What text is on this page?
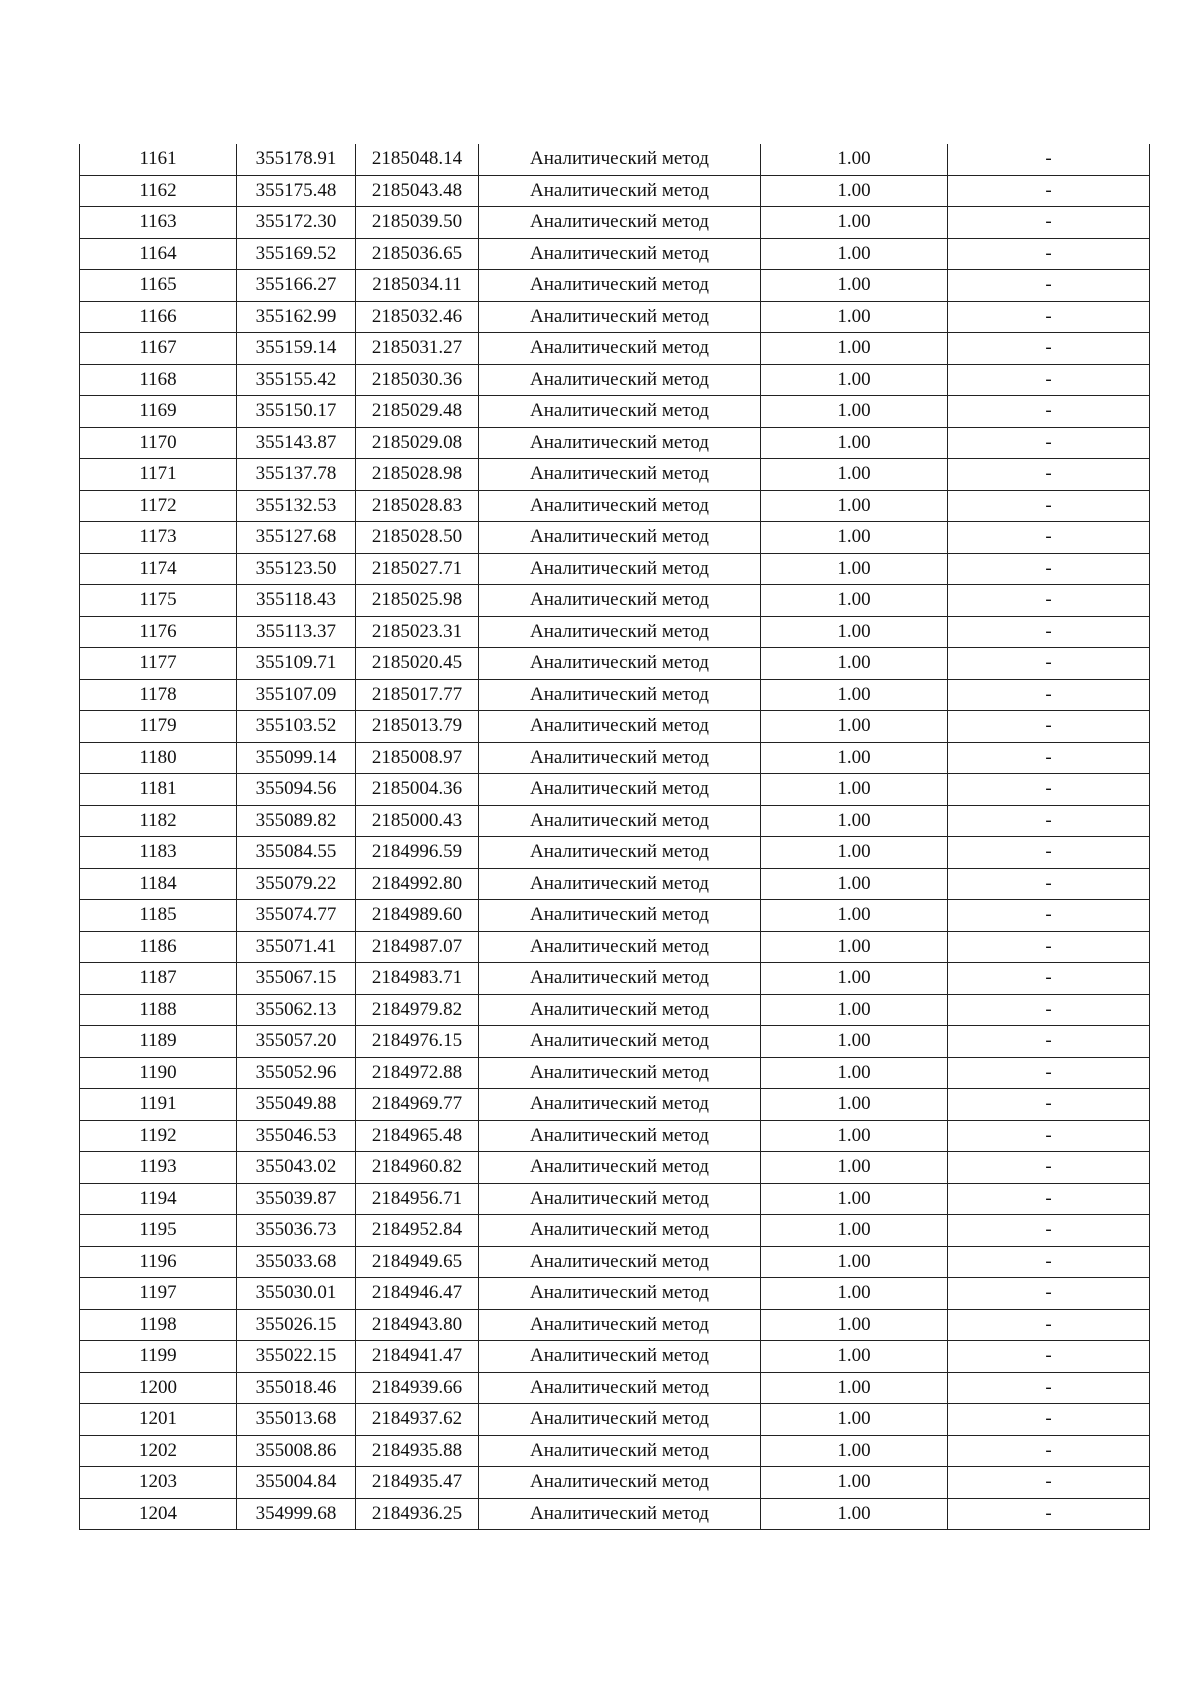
1161	355178.91	2185048.14	Аналитический метод	1.00	-
1162	355175.48	2185043.48	Аналитический метод	1.00	-
1163	355172.30	2185039.50	Аналитический метод	1.00	-
1164	355169.52	2185036.65	Аналитический метод	1.00	-
1165	355166.27	2185034.11	Аналитический метод	1.00	-
1166	355162.99	2185032.46	Аналитический метод	1.00	-
1167	355159.14	2185031.27	Аналитический метод	1.00	-
1168	355155.42	2185030.36	Аналитический метод	1.00	-
1169	355150.17	2185029.48	Аналитический метод	1.00	-
1170	355143.87	2185029.08	Аналитический метод	1.00	-
1171	355137.78	2185028.98	Аналитический метод	1.00	-
1172	355132.53	2185028.83	Аналитический метод	1.00	-
1173	355127.68	2185028.50	Аналитический метод	1.00	-
1174	355123.50	2185027.71	Аналитический метод	1.00	-
1175	355118.43	2185025.98	Аналитический метод	1.00	-
1176	355113.37	2185023.31	Аналитический метод	1.00	-
1177	355109.71	2185020.45	Аналитический метод	1.00	-
1178	355107.09	2185017.77	Аналитический метод	1.00	-
1179	355103.52	2185013.79	Аналитический метод	1.00	-
1180	355099.14	2185008.97	Аналитический метод	1.00	-
1181	355094.56	2185004.36	Аналитический метод	1.00	-
1182	355089.82	2185000.43	Аналитический метод	1.00	-
1183	355084.55	2184996.59	Аналитический метод	1.00	-
1184	355079.22	2184992.80	Аналитический метод	1.00	-
1185	355074.77	2184989.60	Аналитический метод	1.00	-
1186	355071.41	2184987.07	Аналитический метод	1.00	-
1187	355067.15	2184983.71	Аналитический метод	1.00	-
1188	355062.13	2184979.82	Аналитический метод	1.00	-
1189	355057.20	2184976.15	Аналитический метод	1.00	-
1190	355052.96	2184972.88	Аналитический метод	1.00	-
1191	355049.88	2184969.77	Аналитический метод	1.00	-
1192	355046.53	2184965.48	Аналитический метод	1.00	-
1193	355043.02	2184960.82	Аналитический метод	1.00	-
1194	355039.87	2184956.71	Аналитический метод	1.00	-
1195	355036.73	2184952.84	Аналитический метод	1.00	-
1196	355033.68	2184949.65	Аналитический метод	1.00	-
1197	355030.01	2184946.47	Аналитический метод	1.00	-
1198	355026.15	2184943.80	Аналитический метод	1.00	-
1199	355022.15	2184941.47	Аналитический метод	1.00	-
1200	355018.46	2184939.66	Аналитический метод	1.00	-
1201	355013.68	2184937.62	Аналитический метод	1.00	-
1202	355008.86	2184935.88	Аналитический метод	1.00	-
1203	355004.84	2184935.47	Аналитический метод	1.00	-
1204	354999.68	2184936.25	Аналитический метод	1.00	-
